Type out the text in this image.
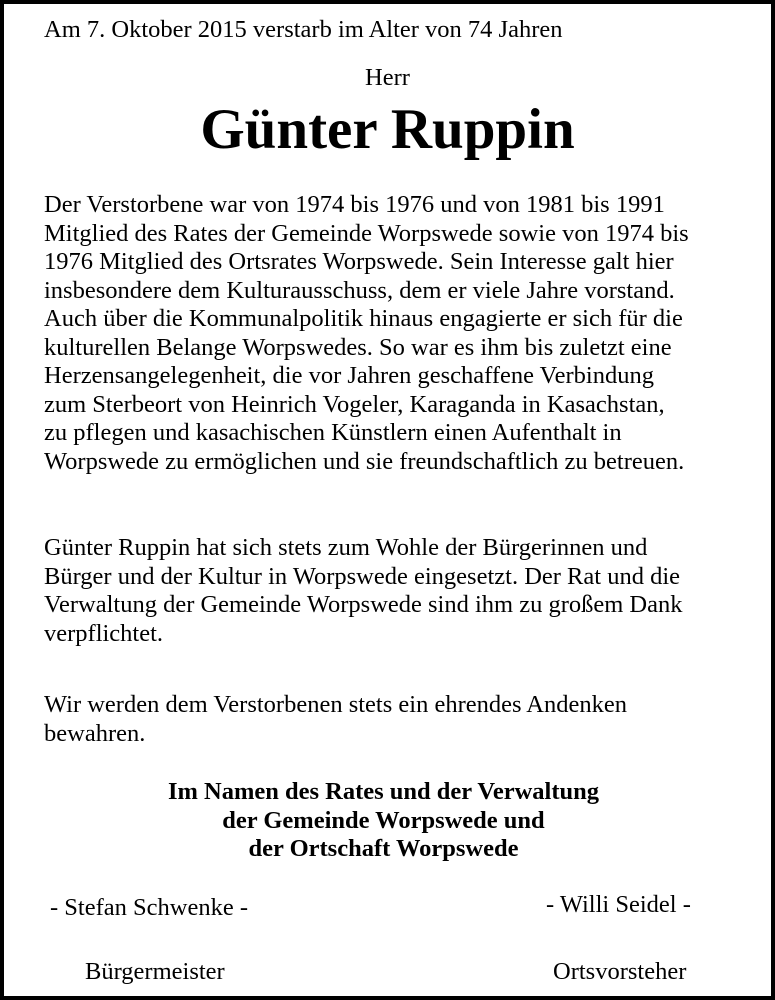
Am 7. Oktober 2015 verstarb im Alter von 74 Jahren
Herr
Günter Ruppin
Der Verstorbene war von 1974 bis 1976 und von 1981 bis 1991
Mitglied des Rates der Gemeinde Worpswede sowie von 1974 bis
1976 Mitglied des Ortsrates Worpswede. Sein Interesse galt hier
insbesondere dem Kulturausschuss, dem er viele Jahre vorstand.
Auch über die Kommunalpolitik hinaus engagierte er sich für die
kulturellen Belange Worpswedes. So war es ihm bis zuletzt eine
Herzensangelegenheit, die vor Jahren geschaffene Verbindung
zum Sterbeort von Heinrich Vogeler, Karaganda in Kasachstan,
zu pflegen und kasachischen Künstlern einen Aufenthalt in
Worpswede zu ermöglichen und sie freundschaftlich zu betreuen.
Günter Ruppin hat sich stets zum Wohle der Bürgerinnen und
Bürger und der Kultur in Worpswede eingesetzt. Der Rat und die
Verwaltung der Gemeinde Worpswede sind ihm zu großem Dank
verpflichtet.
Wir werden dem Verstorbenen stets ein ehrendes Andenken
bewahren.
Im Namen des Rates und der Verwaltung
der Gemeinde Worpswede und
der Ortschaft Worpswede
- Stefan Schwenke -
Bürgermeister
- Willi Seidel -
Ortsvorsteher
